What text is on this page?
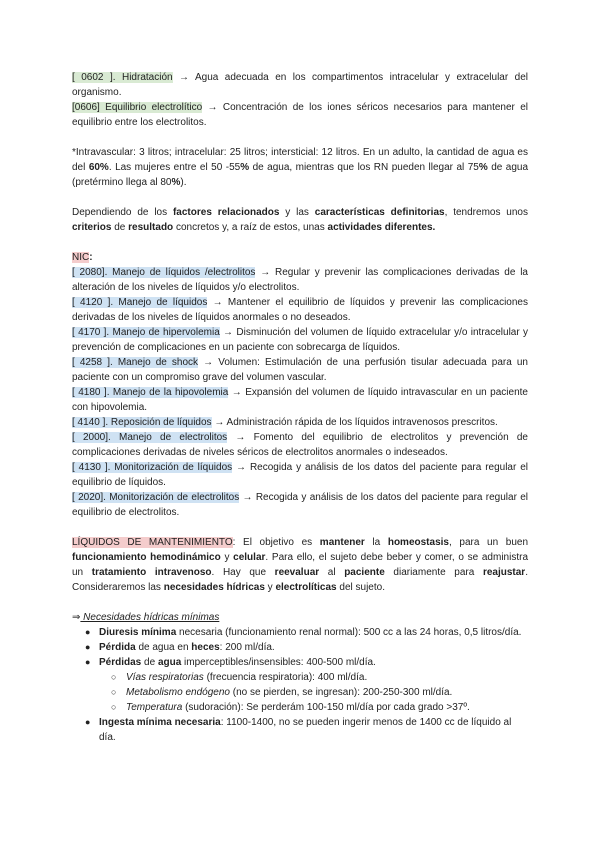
[ 0602 ]. Hidratación → Agua adecuada en los compartimentos intracelular y extracelular del organismo.

[0606] Equilibrio electrolítico → Concentración de los iones séricos necesarios para mantener el equilibrio entre los electrolitos.

*Intravascular: 3 litros; intracelular: 25 litros; intersticial: 12 litros. En un adulto, la cantidad de agua es del 60%. Las mujeres entre el 50 -55% de agua, mientras que los RN pueden llegar al 75% de agua (pretérmino llega al 80%).

Dependiendo de los factores relacionados y las características definitorias, tendremos unos criterios de resultado concretos y, a raíz de estos, unas actividades diferentes.

NIC:

[ 2080]. Manejo de líquidos /electrolitos → Regular y prevenir las complicaciones derivadas de la alteración de los niveles de líquidos y/o electrolitos.

[ 4120 ]. Manejo de líquidos → Mantener el equilibrio de líquidos y prevenir las complicaciones derivadas de los niveles de líquidos anormales o no deseados.

[ 4170 ]. Manejo de hipervolemia → Disminución del volumen de líquido extracelular y/o intracelular y prevención de complicaciones en un paciente con sobrecarga de líquidos.

[ 4258 ]. Manejo de shock → Volumen: Estimulación de una perfusión tisular adecuada para un paciente con un compromiso grave del volumen vascular.

[ 4180 ]. Manejo de la hipovolemia → Expansión del volumen de líquido intravascular en un paciente con hipovolemia.

[ 4140 ]. Reposición de líquidos → Administración rápida de los líquidos intravenosos prescritos.

[ 2000]. Manejo de electrolitos → Fomento del equilibrio de electrolitos y prevención de complicaciones derivadas de niveles séricos de electrolitos anormales o indeseados.

[ 4130 ]. Monitorización de líquidos → Recogida y análisis de los datos del paciente para regular el equilibrio de líquidos.

[ 2020]. Monitorización de electrolitos → Recogida y análisis de los datos del paciente para regular el equilibrio de electrolitos.

LÍQUIDOS DE MANTENIMIENTO: El objetivo es mantener la homeostasis, para un buen funcionamiento hemodinámico y celular. Para ello, el sujeto debe beber y comer, o se administra un tratamiento intravenoso. Hay que reevaluar al paciente diariamente para reajustar. Consideraremos las necesidades hídricas y electrolíticas del sujeto.

⇒ Necesidades hídricas mínimas

● Diuresis mínima necesaria (funcionamiento renal normal): 500 cc a las 24 horas, 0,5 litros/día.
● Pérdida de agua en heces: 200 ml/día.
● Pérdidas de agua imperceptibles/insensibles: 400-500 ml/día.
○ Vías respiratorias (frecuencia respiratoria): 400 ml/día.
○ Metabolismo endógeno (no se pierden, se ingresan): 200-250-300 ml/día.
○ Temperatura (sudoración): Se perderám 100-150 ml/día por cada grado >37º.
● Ingesta mínima necesaria: 1100-1400, no se pueden ingerir menos de 1400 cc de líquido al día.
